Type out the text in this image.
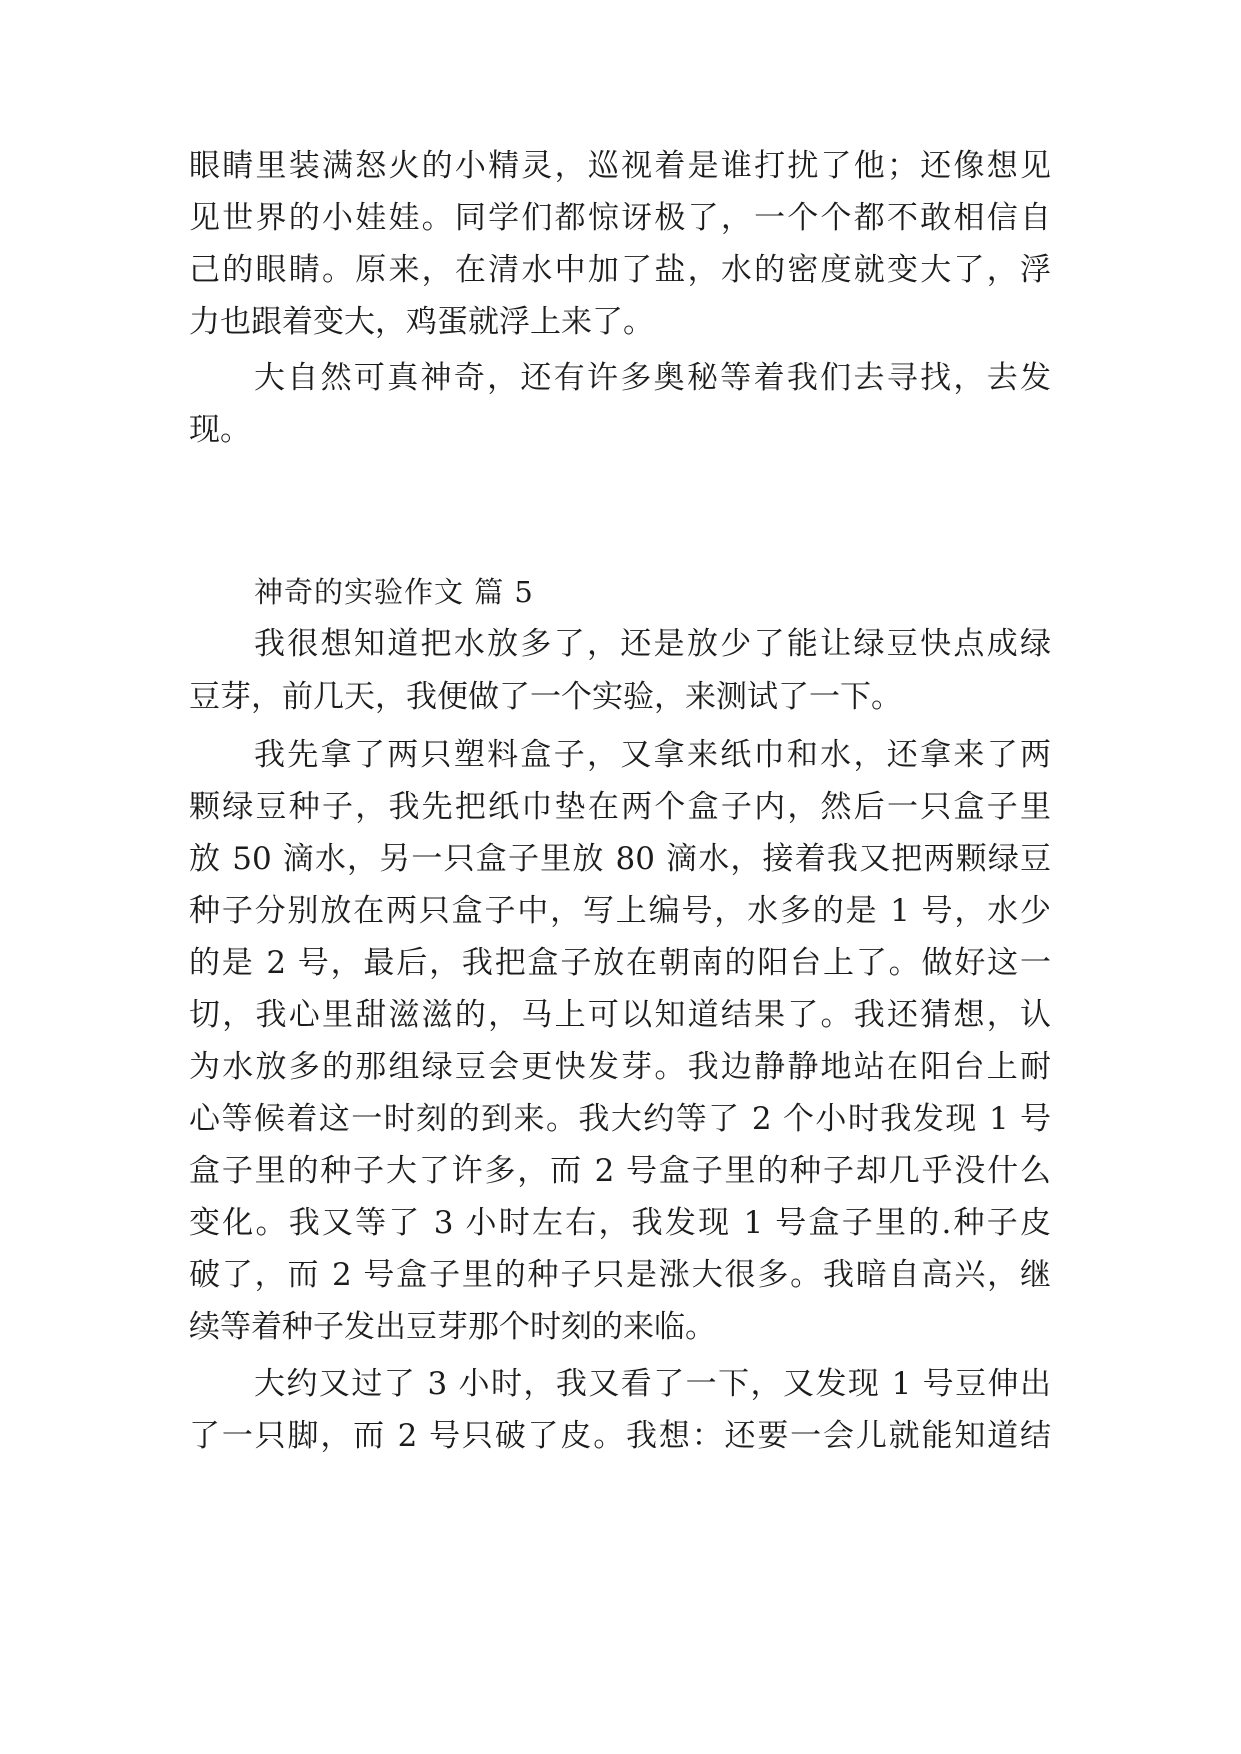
眼睛里装满怒火的小精灵，巡视着是谁打扰了他；还像想见

见世界的小娃娃。同学们都惊讶极了，一个个都不敢相信自

己的眼睛。原来，在清水中加了盐，水的密度就变大了，浮

力也跟着变大，鸡蛋就浮上来了。

大自然可真神奇，还有许多奥秘等着我们去寻找，去发

现。

神奇的实验作文 篇 5

我很想知道把水放多了，还是放少了能让绿豆快点成绿

豆芽，前几天，我便做了一个实验，来测试了一下。

我先拿了两只塑料盒子，又拿来纸巾和水，还拿来了两

颗绿豆种子，我先把纸巾垫在两个盒子内，然后一只盒子里

放 50 滴水，另一只盒子里放 80 滴水，接着我又把两颗绿豆

种子分别放在两只盒子中，写上编号，水多的是 1 号，水少

的是 2 号，最后，我把盒子放在朝南的阳台上了。做好这一

切，我心里甜滋滋的，马上可以知道结果了。我还猜想，认

为水放多的那组绿豆会更快发芽。我边静静地站在阳台上耐

心等候着这一时刻的到来。我大约等了 2 个小时我发现 1 号

盒子里的种子大了许多，而 2 号盒子里的种子却几乎没什么

变化。我又等了 3 小时左右，我发现 1 号盒子里的.种子皮

破了，而 2 号盒子里的种子只是涨大很多。我暗自高兴，继

续等着种子发出豆芽那个时刻的来临。

大约又过了 3 小时，我又看了一下，又发现 1 号豆伸出

了一只脚，而 2 号只破了皮。我想：还要一会儿就能知道结
